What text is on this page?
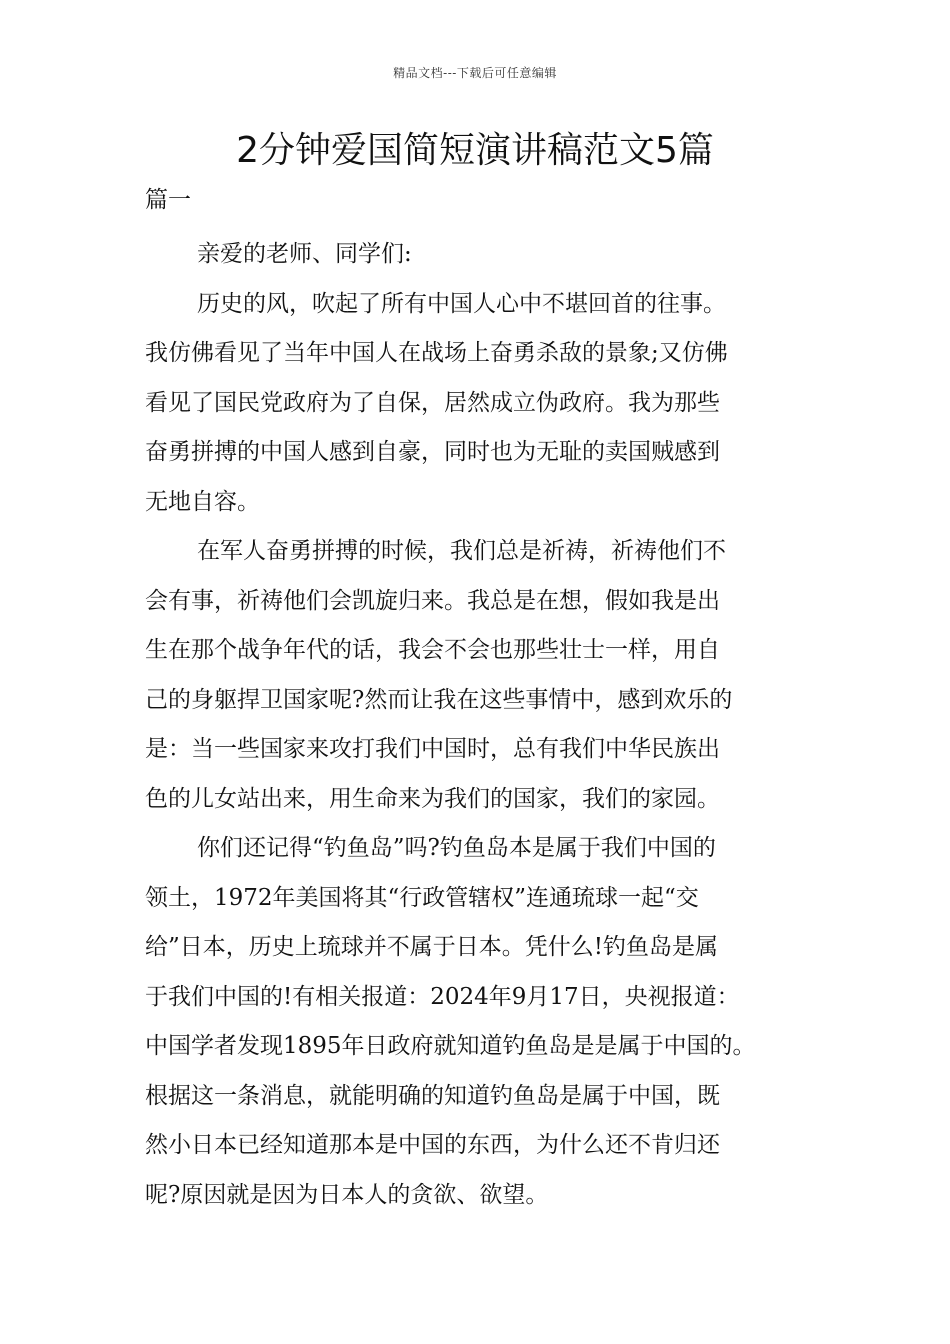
精品文档---下载后可任意编辑
2分钟爱国简短演讲稿范文5篇
篇一

亲爱的老师、同学们:

历史的风，吹起了所有中国人心中不堪回首的往事。
我仿佛看见了当年中国人在战场上奋勇杀敌的景象;又仿佛
看见了国民党政府为了自保，居然成立伪政府。我为那些
奋勇拼搏的中国人感到自豪，同时也为无耻的卖国贼感到
无地自容。

在军人奋勇拼搏的时候，我们总是祈祷，祈祷他们不
会有事，祈祷他们会凯旋归来。我总是在想，假如我是出
生在那个战争年代的话，我会不会也那些壮士一样，用自
己的身躯捍卫国家呢?然而让我在这些事情中，感到欢乐的
是：当一些国家来攻打我们中国时，总有我们中华民族出
色的儿女站出来，用生命来为我们的国家，我们的家园。

你们还记得“钓鱼岛”吗?钓鱼岛本是属于我们中国的
领土，1972年美国将其“行政管辖权”连通琉球一起“交
给”日本，历史上琉球并不属于日本。凭什么!钓鱼岛是属
于我们中国的!有相关报道：2024年9月17日，央视报道：
中国学者发现1895年日政府就知道钓鱼岛是是属于中国的。
根据这一条消息，就能明确的知道钓鱼岛是属于中国，既
然小日本已经知道那本是中国的东西，为什么还不肯归还
呢?原因就是因为日本人的贪欲、欲望。
